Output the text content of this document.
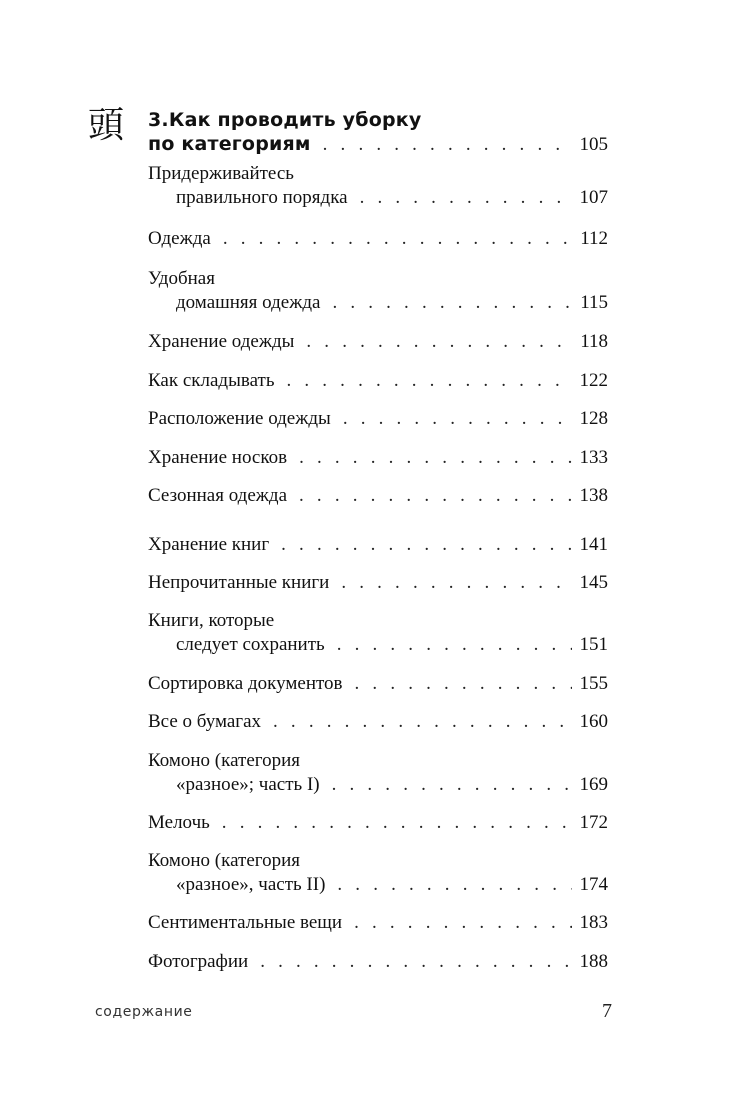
頭 3.Как проводить уборку
по категориям . . .	105
Придерживайтесь
правильного порядка . . .	107
Одежда . . .	112
Удобная
домашняя одежда . . .	115
Хранение одежды . . .	118
Как складывать . . .	122
Расположение одежды . . .	128
Хранение носков . . .	133
Сезонная одежда . . .	138
Хранение книг . . .	141
Непрочитанные книги . . .	145
Книги, которые
следует сохранить . . .	151
Сортировка документов . . .	155
Все о бумагах . . .	160
Комоно (категория
«разное»; часть I) . . .	169
Мелочь . . .	172
Комоно (категория
«разное», часть II) . . .	174
Сентиментальные вещи . . .	183
Фотографии . . .	188
содержание	7
